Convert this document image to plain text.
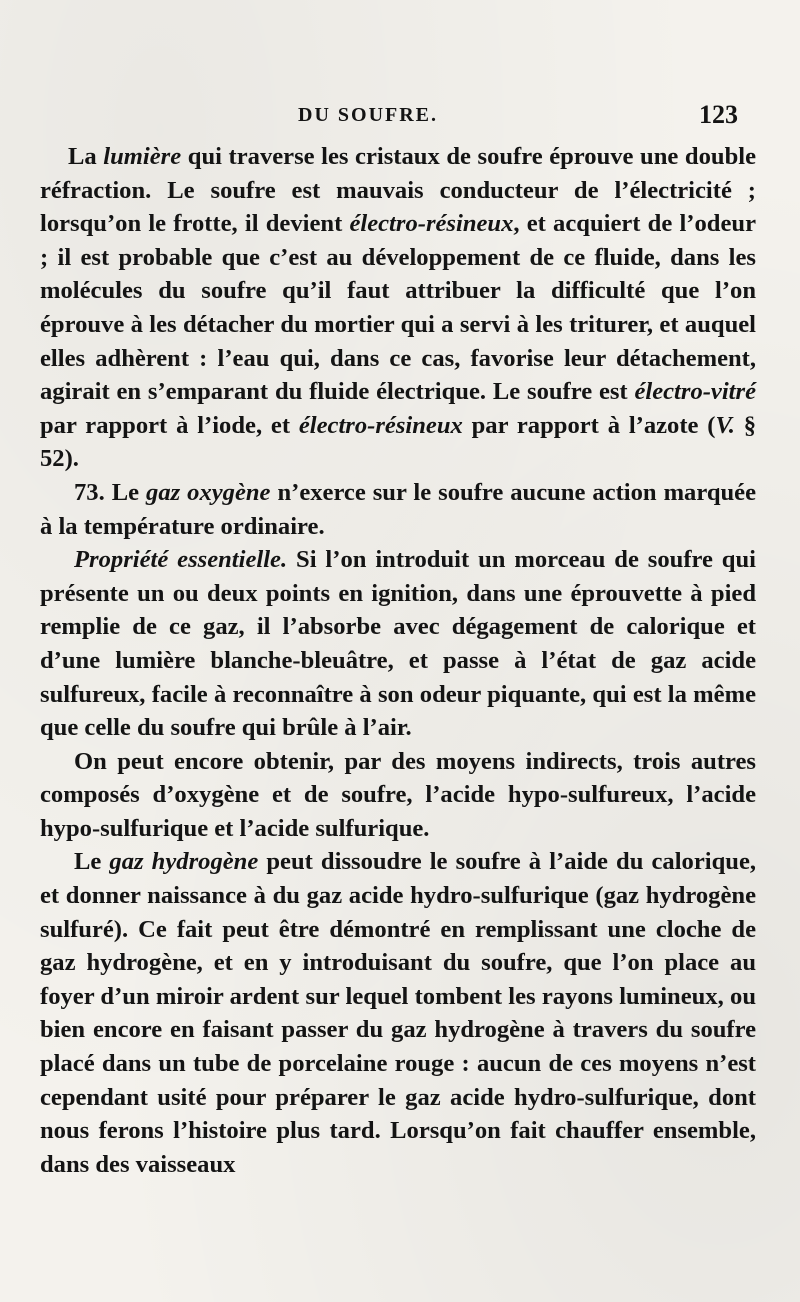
DU SOUFRE.	123

La lumière qui traverse les cristaux de soufre éprouve une double réfraction. Le soufre est mauvais conducteur de l’électricité ; lorsqu’on le frotte, il devient électro-résineux, et acquiert de l’odeur ; il est probable que c’est au développement de ce fluide, dans les molécules du soufre qu’il faut attribuer la difficulté que l’on éprouve à les détacher du mortier qui a servi à les triturer, et auquel elles adhèrent : l’eau qui, dans ce cas, favorise leur détachement, agirait en s’emparant du fluide électrique. Le soufre est électro-vitré par rapport à l’iode, et électro-résineux par rapport à l’azote (V. § 52).

73. Le gaz oxygène n’exerce sur le soufre aucune action marquée à la température ordinaire.

Propriété essentielle. Si l’on introduit un morceau de soufre qui présente un ou deux points en ignition, dans une éprouvette à pied remplie de ce gaz, il l’absorbe avec dégagement de calorique et d’une lumière blanche-bleuâtre, et passe à l’état de gaz acide sulfureux, facile à reconnaître à son odeur piquante, qui est la même que celle du soufre qui brûle à l’air.

On peut encore obtenir, par des moyens indirects, trois autres composés d’oxygène et de soufre, l’acide hypo-sulfureux, l’acide hypo-sulfurique et l’acide sulfurique.

Le gaz hydrogène peut dissoudre le soufre à l’aide du calorique, et donner naissance à du gaz acide hydro-sulfurique (gaz hydrogène sulfuré). Ce fait peut être démontré en remplissant une cloche de gaz hydrogène, et en y introduisant du soufre, que l’on place au foyer d’un miroir ardent sur lequel tombent les rayons lumineux, ou bien encore en faisant passer du gaz hydrogène à travers du soufre placé dans un tube de porcelaine rouge : aucun de ces moyens n’est cependant usité pour préparer le gaz acide hydro-sulfurique, dont nous ferons l’histoire plus tard. Lorsqu’on fait chauffer ensemble, dans des vaisseaux
